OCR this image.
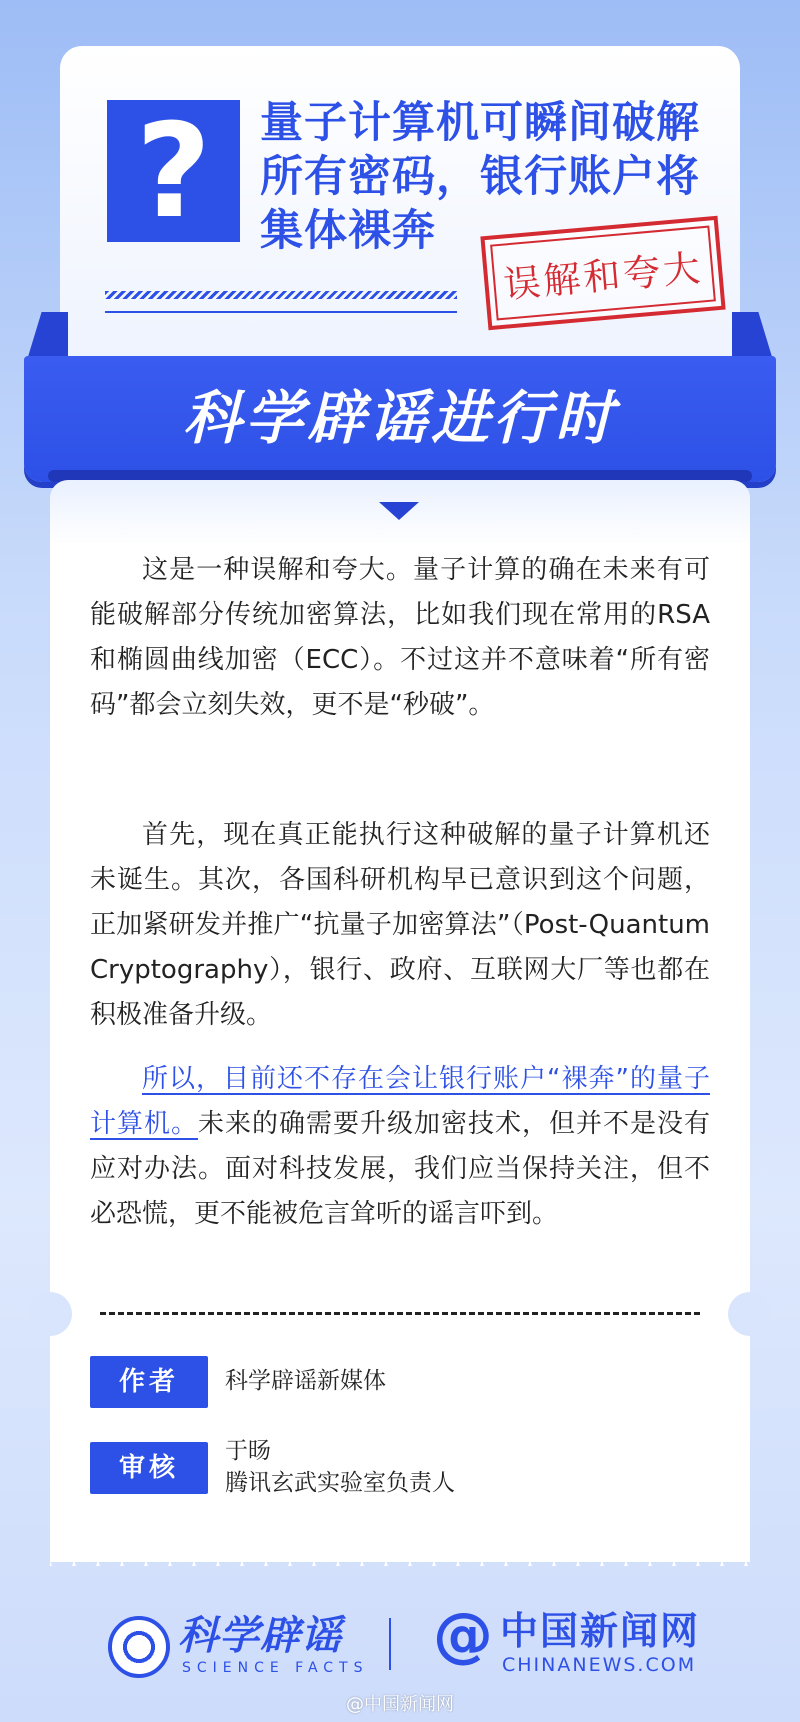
?	量子计算机可瞬间破解所有密码，银行账户将集体裸奔
误解和夸大
科学辟谣进行时

这是一种误解和夸大。量子计算的确在未来有可能破解部分传统加密算法，比如我们现在常用的RSA和椭圆曲线加密（ECC）。不过这并不意味着“所有密码”都会立刻失效，更不是“秒破”。

首先，现在真正能执行这种破解的量子计算机还未诞生。其次，各国科研机构早已意识到这个问题，正加紧研发并推广“抗量子加密算法”（Post-Quantum Cryptography），银行、政府、互联网大厂等也都在积极准备升级。

所以，目前还不存在会让银行账户“裸奔”的量子计算机。未来的确需要升级加密技术，但并不是没有应对办法。面对科技发展，我们应当保持关注，但不必恐慌，更不能被危言耸听的谣言吓到。

作者	科学辟谣新媒体
审核
于旸
腾讯玄武实验室负责人
科学辟谣
SCIENCE FACTS @ 中国新闻网
CHINANEWS.COM
@中国新闻网
